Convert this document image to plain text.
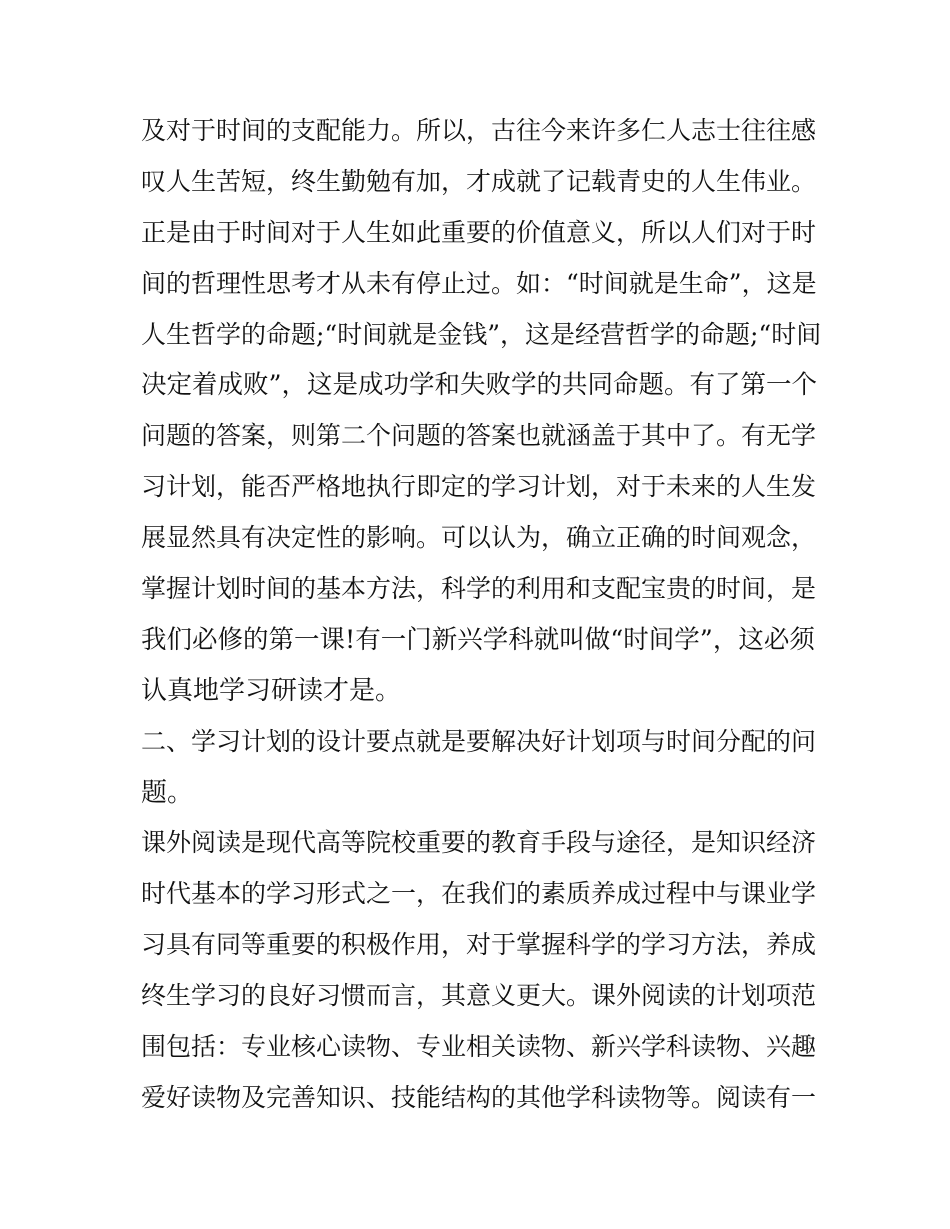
及对于时间的支配能力。所以，古往今来许多仁人志士往往感
叹人生苦短，终生勤勉有加，才成就了记载青史的人生伟业。
正是由于时间对于人生如此重要的价值意义，所以人们对于时
间的哲理性思考才从未有停止过。如：“时间就是生命”，这是
人生哲学的命题;“时间就是金钱”，这是经营哲学的命题;“时间
决定着成败”，这是成功学和失败学的共同命题。有了第一个
问题的答案，则第二个问题的答案也就涵盖于其中了。有无学
习计划，能否严格地执行即定的学习计划，对于未来的人生发
展显然具有决定性的影响。可以认为，确立正确的时间观念，
掌握计划时间的基本方法，科学的利用和支配宝贵的时间，是
我们必修的第一课!有一门新兴学科就叫做“时间学”，这必须
认真地学习研读才是。
二、学习计划的设计要点就是要解决好计划项与时间分配的问
题。
课外阅读是现代高等院校重要的教育手段与途径，是知识经济
时代基本的学习形式之一，在我们的素质养成过程中与课业学
习具有同等重要的积极作用，对于掌握科学的学习方法，养成
终生学习的良好习惯而言，其意义更大。课外阅读的计划项范
围包括：专业核心读物、专业相关读物、新兴学科读物、兴趣
爱好读物及完善知识、技能结构的其他学科读物等。阅读有一
